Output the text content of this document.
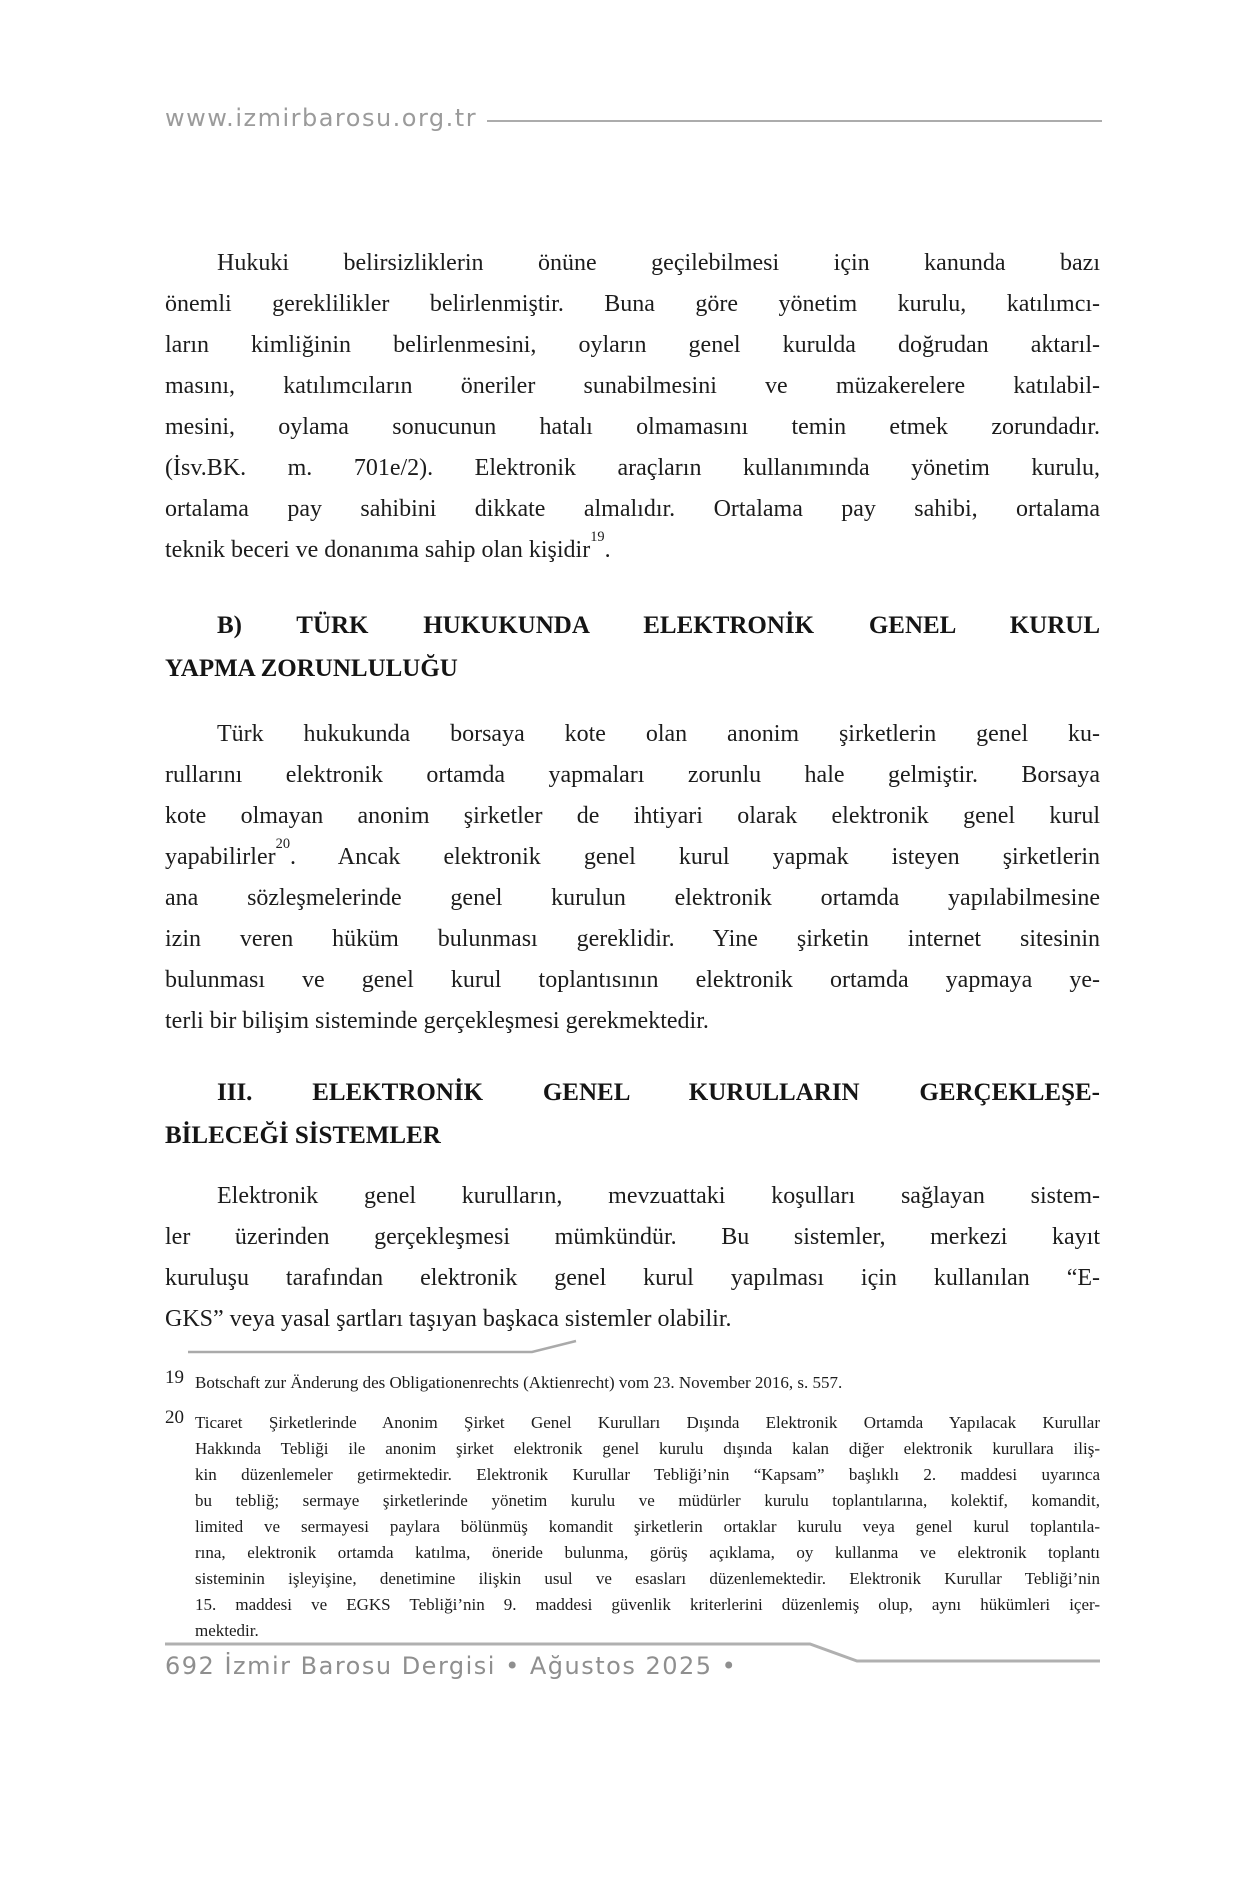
www.izmirbarosu.org.tr
Hukuki belirsizliklerin önüne geçilebilmesi için kanunda bazı
önemli gereklilikler belirlenmiştir. Buna göre yönetim kurulu, katılımcı-
ların kimliğinin belirlenmesini, oyların genel kurulda doğrudan aktarıl-
masını, katılımcıların öneriler sunabilmesini ve müzakerelere katılabil-
mesini, oylama sonucunun hatalı olmamasını temin etmek zorundadır.
(İsv.BK. m. 701e/2). Elektronik araçların kullanımında yönetim kurulu,
ortalama pay sahibini dikkate almalıdır. Ortalama pay sahibi, ortalama
teknik beceri ve donanıma sahip olan kişidir$^{19}$.
B) TÜRK HUKUKUNDA ELEKTRONİK GENEL KURUL
YAPMA ZORUNLULUĞU
Türk hukukunda borsaya kote olan anonim şirketlerin genel ku-
rullarını elektronik ortamda yapmaları zorunlu hale gelmiştir. Borsaya
kote olmayan anonim şirketler de ihtiyari olarak elektronik genel kurul
yapabilirler$^{20}$. Ancak elektronik genel kurul yapmak isteyen şirketlerin
ana sözleşmelerinde genel kurulun elektronik ortamda yapılabilmesine
izin veren hüküm bulunması gereklidir. Yine şirketin internet sitesinin
bulunması ve genel kurul toplantısının elektronik ortamda yapmaya ye-
terli bir bilişim sisteminde gerçekleşmesi gerekmektedir.
III. ELEKTRONİK GENEL KURULLARIN GERÇEKLEŞE-
BİLECEĞİ SİSTEMLER
Elektronik genel kurulların, mevzuattaki koşulları sağlayan sistem-
ler üzerinden gerçekleşmesi mümkündür. Bu sistemler, merkezi kayıt
kuruluşu tarafından elektronik genel kurul yapılması için kullanılan “E-
GKS” veya yasal şartları taşıyan başkaca sistemler olabilir.
19 Botschaft zur Änderung des Obligationenrechts (Aktienrecht) vom 23. November 2016, s. 557.
20 Ticaret Şirketlerinde Anonim Şirket Genel Kurulları Dışında Elektronik Ortamda Yapılacak Kurullar
Hakkında Tebliği ile anonim şirket elektronik genel kurulu dışında kalan diğer elektronik kurullara iliş-
kin düzenlemeler getirmektedir. Elektronik Kurullar Tebliği’nin “Kapsam” başlıklı 2. maddesi uyarınca
bu tebliğ; sermaye şirketlerinde yönetim kurulu ve müdürler kurulu toplantılarına, kolektif, komandit,
limited ve sermayesi paylara bölünmüş komandit şirketlerin ortaklar kurulu veya genel kurul toplantıla-
rına, elektronik ortamda katılma, öneride bulunma, görüş açıklama, oy kullanma ve elektronik toplantı
sisteminin işleyişine, denetimine ilişkin usul ve esasları düzenlemektedir. Elektronik Kurullar Tebliği’nin
15. maddesi ve EGKS Tebliği’nin 9. maddesi güvenlik kriterlerini düzenlemiş olup, aynı hükümleri içer-
mektedir.
692 İzmir Barosu Dergisi • Ağustos 2025 •
